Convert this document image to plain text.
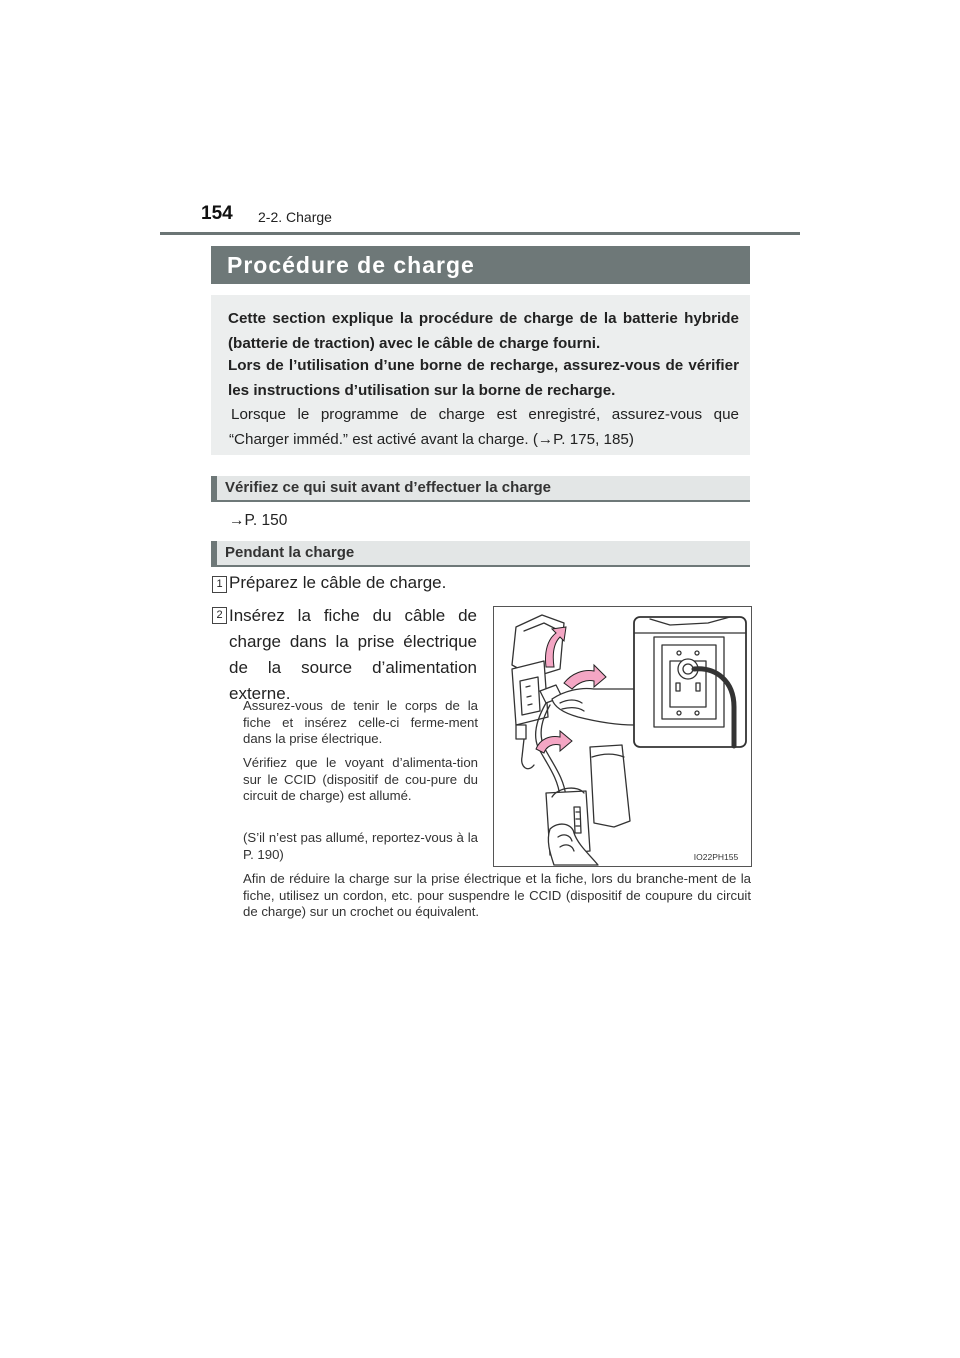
154 2-2. Charge
Procédure de charge
Cette section explique la procédure de charge de la batterie hybride (batterie de traction) avec le câble de charge fourni.
Lors de l’utilisation d’une borne de recharge, assurez-vous de vérifier les instructions d’utilisation sur la borne de recharge.
Lorsque le programme de charge est enregistré, assurez-vous que “Charger imméd.” est activé avant la charge. (→P. 175, 185)
Vérifiez ce qui suit avant d’effectuer la charge
→P. 150
Pendant la charge
1 Préparez le câble de charge.
2 Insérez la fiche du câble de charge dans la prise électrique de la source d’alimentation externe.
Assurez-vous de tenir le corps de la fiche et insérez celle-ci ferme-ment dans la prise électrique.
Vérifiez que le voyant d’alimenta-tion sur le CCID (dispositif de cou-pure du circuit de charge) est allumé.
(S’il n’est pas allumé, reportez-vous à la P. 190)
Afin de réduire la charge sur la prise électrique et la fiche, lors du branche-ment de la fiche, utilisez un cordon, etc. pour suspendre le CCID (dispositif de coupure du circuit de charge) sur un crochet ou équivalent.
IO22PH155
